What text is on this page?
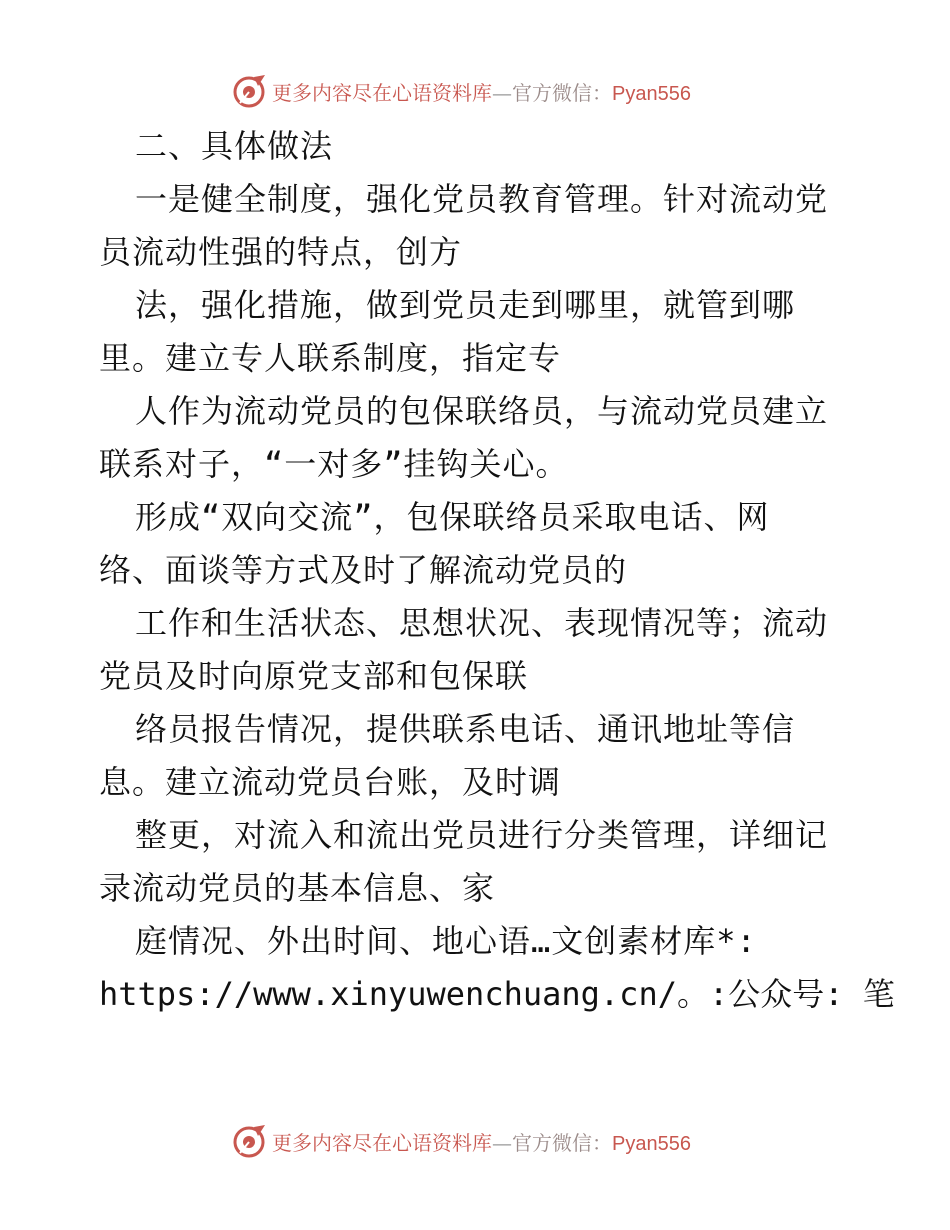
更多内容尽在心语资料库—官方微信：Pyan556
二、具体做法
一是健全制度，强化党员教育管理。针对流动党
员流动性强的特点，创方
法，强化措施，做到党员走到哪里，就管到哪
里。建立专人联系制度，指定专
人作为流动党员的包保联络员，与流动党员建立
联系对子，“一对多”挂钩关心。
形成“双向交流”，包保联络员采取电话、网
络、面谈等方式及时了解流动党员的
工作和生活状态、思想状况、表现情况等；流动
党员及时向原党支部和包保联
络员报告情况，提供联系电话、通讯地址等信
息。建立流动党员台账，及时调
整更，对流入和流出党员进行分类管理，详细记
录流动党员的基本信息、家
庭情况、外出时间、地心语…文创素材库*:
https://www.xinyuwenchuang.cn/。:公众号: 笔
更多内容尽在心语资料库—官方微信：Pyan556
